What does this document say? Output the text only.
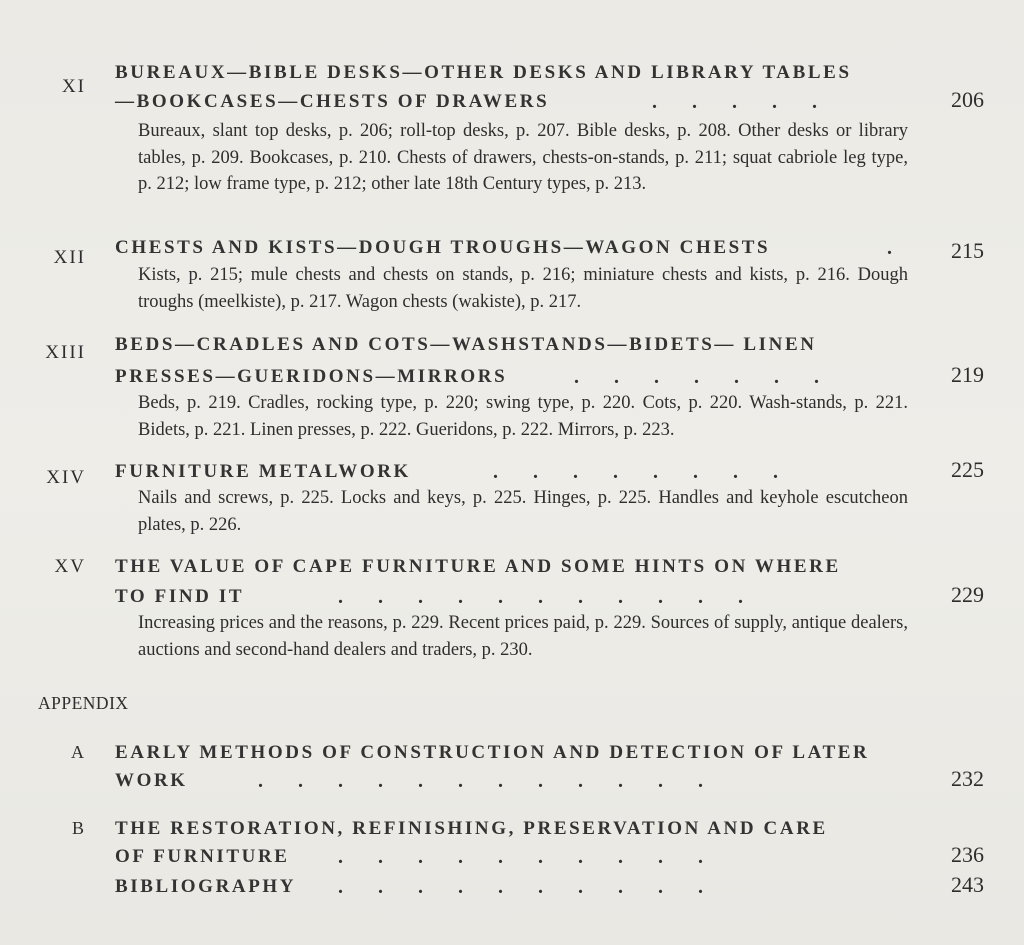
XI
BUREAUX—BIBLE DESKS—OTHER DESKS AND LIBRARY TABLES
—BOOKCASES—CHESTS OF DRAWERS	. . . . .	206
Bureaux, slant top desks, p. 206; roll-top desks, p. 207. Bible desks, p. 208. Other desks or library tables, p. 209. Bookcases, p. 210. Chests of drawers, chests-on-stands, p. 211; squat cabriole leg type, p. 212; low frame type, p. 212; other late 18th Century types, p. 213.
XII CHESTS AND KISTS—DOUGH TROUGHS—WAGON CHESTS	.	215
Kists, p. 215; mule chests and chests on stands, p. 216; miniature chests and kists, p. 216. Dough troughs (meelkiste), p. 217. Wagon chests (wakiste), p. 217.
XIII BEDS—CRADLES AND COTS—WASHSTANDS—BIDETS— LINEN
PRESSES—GUERIDONS—MIRRORS	. . . . . . .	219
Beds, p. 219. Cradles, rocking type, p. 220; swing type, p. 220. Cots, p. 220. Wash-stands, p. 221. Bidets, p. 221. Linen presses, p. 222. Gueridons, p. 222. Mirrors, p. 223.
XIV FURNITURE METALWORK	. . . . . . . .	225
Nails and screws, p. 225. Locks and keys, p. 225. Hinges, p. 225. Handles and keyhole escutcheon plates, p. 226.
XV THE VALUE OF CAPE FURNITURE AND SOME HINTS ON WHERE
TO FIND IT	. . . . . . . . . . .	229
Increasing prices and the reasons, p. 229. Recent prices paid, p. 229. Sources of supply, antique dealers, auctions and second-hand dealers and traders, p. 230.
APPENDIX
A EARLY METHODS OF CONSTRUCTION AND DETECTION OF LATER
WORK	. . . . . . . . . . . .	232
B THE RESTORATION, REFINISHING, PRESERVATION AND CARE
OF FURNITURE . . . . . . . . . .	236
BIBLIOGRAPHY . . . . . . . . . .	243
